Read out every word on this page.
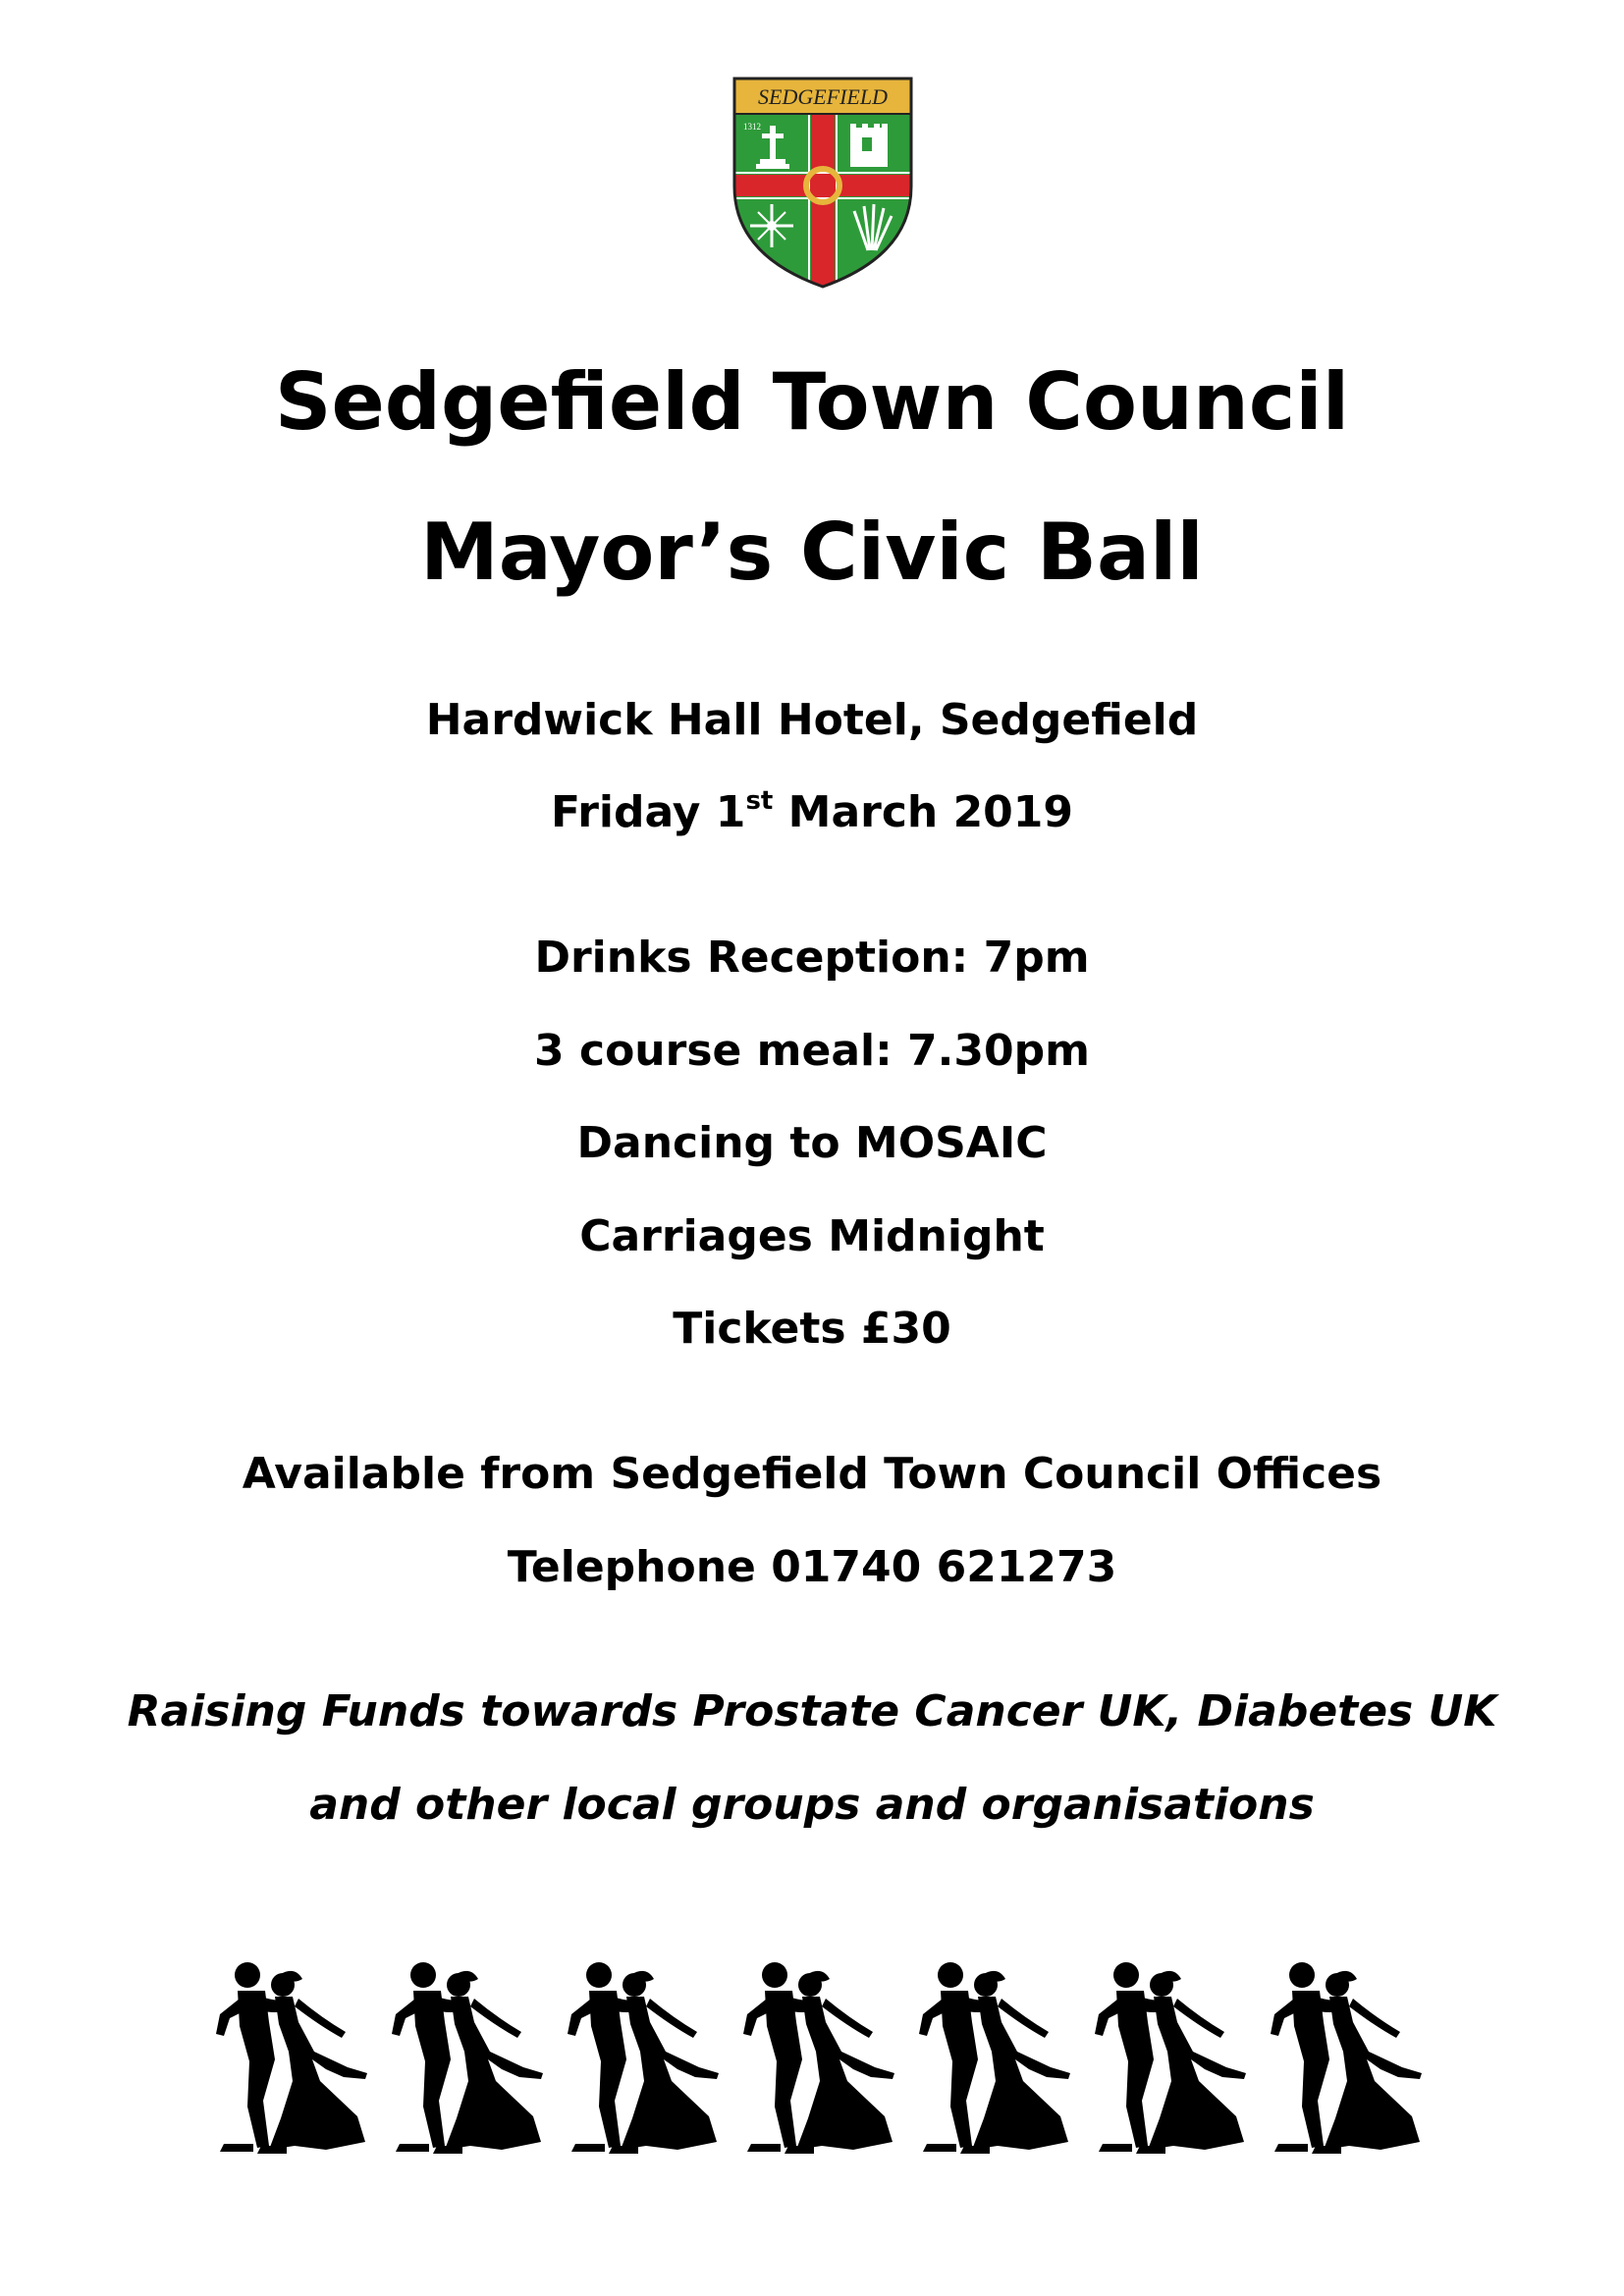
SEDGEFIELD
1312
Sedgefield Town Council
Mayor’s Civic Ball
Hardwick Hall Hotel, Sedgefield
Friday 1st March 2019
Drinks Reception: 7pm
3 course meal: 7.30pm
Dancing to MOSAIC
Carriages Midnight
Tickets £30
Available from Sedgefield Town Council Offices
Telephone 01740 621273
Raising Funds towards Prostate Cancer UK, Diabetes UK
and other local groups and organisations
